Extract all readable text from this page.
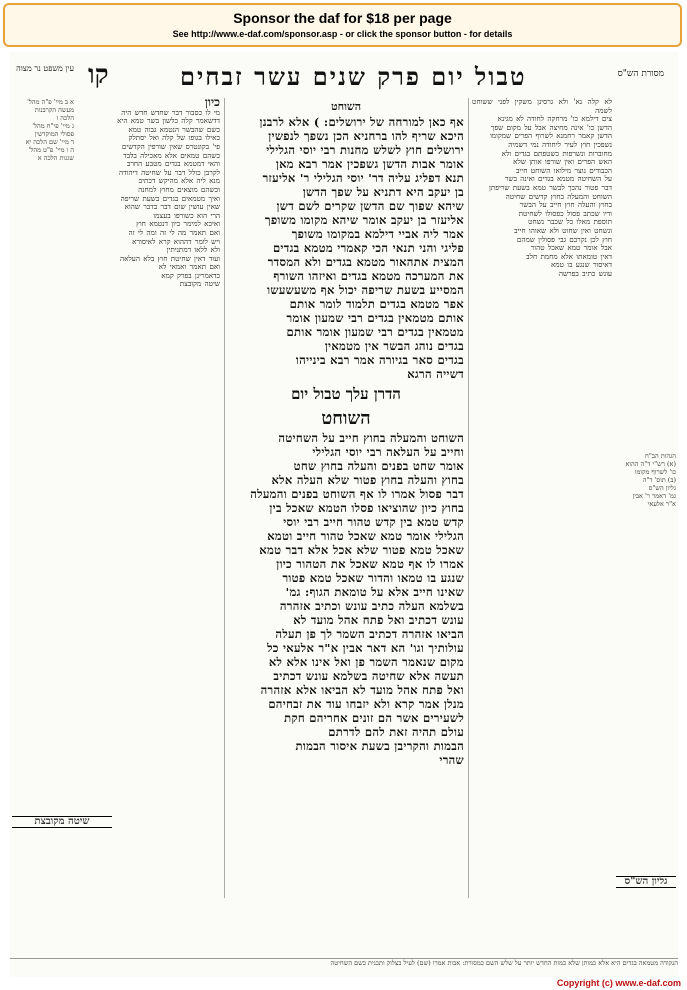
Sponsor the daf for $18 per page
See http://www.e-daf.com/sponsor.asp - or click the sponsor button - for details
עין משפט נר מצוה קו	טבול יום פרק שנים עשר זבחים	מסורת הש"ס
א ב מיי' פ"ה מהל'
מעשה הקרבנות
הלכה ז
ג מיי' פי"ח מהל'
פסולי המוקדשין
ד מיי' שם הלכה יא
ה ו מיי' פ"ט מהל'
שגגות הלכה א
כיון
מי לו כסבור דבר שחדש חדש היה
דדשאמר קלה כלשון בשר טמא היא
כשם שהבשר הנטמא גבוה טמא
כאילו בגופו של קלה ואל יסתלק
פי' בקונטרס שאין שורפין הקדשים
כשהם טמאים אלא מאכילה בלבד
והאי דמטמא בגדים מטבע החרב
לקרבן כולל דבר על שחיטה דיהודה
מנא ליה אלא מהיקש דכתיב
וכשהם מוצאים מחוץ למחנה
ואיך מטמאים בגדים בשעת שריפה
שאין עושין שום דבר בדבר שהוא
הרי הוא כשורפו בעצמו
ואיכא למימר כיון דנטמא חוץ
ואם תאמר מה לי זה ומה לי זה
ויש לומר דההוא קרא לאיסורא
ולא ללאו דמתניתין
ועוד דאין שחיטת חוץ בלא העלאה
ואם תאמר ואמאי לא
כדאמרינן בפרק קמא
שיטה מקובצת
השוחט
אף כאן למורחה של ירושלים: ) אלא לרבנן
היכא שריף להו ברחניא הכן נשפך לנפשין
ירושלים חוץ לשלש מחנות רבי יוסי הגלילי
אומר אבות הדשן גשפכין אמר רבא מאן
תנא דפליג עליה דר' יוסי הגלילי ר' אליעזר
בן יעקב היא דתניא על שפך הדשן
שיהא שפוך שם הדשן שקרים לשם דשן
אליעזר בן יעקב אומר שיהא מקומו משופך
אמר ליה אביי דילמא במקומו משופך
פליגי והני תנאי הכי קאמרי מטמא בגדים
המצית אתהאור מטמא בגדים ולא המסדר
את המערכה מטמא בגדים ואיזהו השורף
המסייע בשעת שריפה יכול אף משעשעשו
אפר מטמא בגדים תלמוד לומר אותם
אותם מטמאין בגדים רבי שמעון אומר
מטמאין בגדים רבי שמעון אומר אותם
בגדים נוהג הבשר אין מטמאין
בגדים סאר בגיורה אמר רבא בינייהו
דשייה הרגא
הדרן עלך טבול יום
השוחט
השוחט והמעלה בחוץ חייב על השחיטה
וחייב על העלאה רבי יוסי הגלילי
אומר שחט בפנים והעלה בחוץ שחט
בחוץ והעלה בחוץ פטור שלא העלה אלא
דבר פסול אמרו לו אף השוחט בפנים והמעלה
בחוץ כיון שהוציאו פסלו הטמא שאכל בין
קדש טמא בין קדש טהור חייב רבי יוסי
הגלילי אומר טמא שאכל טהור חייב וטמא
שאכל טמא פטור שלא אכל אלא דבר טמא
אמרו לו אף טמא שאכל את הטהור כיון
שנגע בו טמאו והדור שאכל טמא פטור
שאינו חייב אלא על טומאת הגוף: גמ'
בשלמא העלה כתיב עונש וכתיב אזהרה
עונש דכתיב ואל פתח אהל מועד לא
הביאו אזהרה דכתיב השמר לך פן תעלה
עולותיך וגו' הא דאר אבין א"ר אלעאי כל
מקום שנאמר השמר פן ואל אינו אלא לא
תעשה אלא שחיטה בשלמא עונש דכתיב
ואל פתח אהל מועד לא הביאו אלא אזהרה
מנלן אמר קרא ולא יזבחו עוד את זבחיהם
לשעירים אשר הם זונים אחריהם חקת
עולם תהיה זאת להם לדרתם
הבמות והקריבן בשעת איסור הבמות
שהרי
לא קלה נא' ולא גרסינן משקין לפני ששוחט לשמה
צים דילמא כו' מרחקה לחודה לא מגינא
הדשן כו' אינה מחיצה אבל על מקום שפך
הדשן קאמר רחמנא לשרוף הפרים שמקומו
נשפכין חוץ לעיר ליחודה נמי דשמיה
מחוברות ונשרפות כשטפתם בגדים ולא
האש הפרים ואין שורפו אותן שלא
הכבודים נוצר מילואו השוחט חייב
על השחיטה מטמא בגדים ואינה בשר
דבר פטור נהכך לבשר טמא בשעת שריפתן
השוחט והמעלה בחוץ קדשים שחיטה
בחוץ והעלה חוץ חייב על הבשר
ודיו שכתב פסול כפסולו לשחיטת
תוספת מאלו כל שכבר נשחט
ונשחט ואין שחוט ולא שאוהו חייב
חוץ לכן נקרבם גבי פסולין שמהם
אבל אומר טמא שאכל טהור
דאין טומאתו אלא מחמת חלב
דאיסור שנגע בו טמא
עונש כתיב בפרשה
הגהות הב"ח
(א) רש"י ד"ה ההוא
כו' לשרוף מקומו
(ב) תוס' ד"ה
גליון הש"ס
גמ' דאמר ר' אבין
א"ר אלעאי
שיטה מקובצת
גליון הש"ס
הנקודה מטמאה בגדים היא אלא כמותן שלא כמות החדש יותר על שלש השם כמסורת: אבות אמרו (שם) לעיל בצלוק ותכנית כשם השחיטה
Copyright (c) www.e-daf.com
